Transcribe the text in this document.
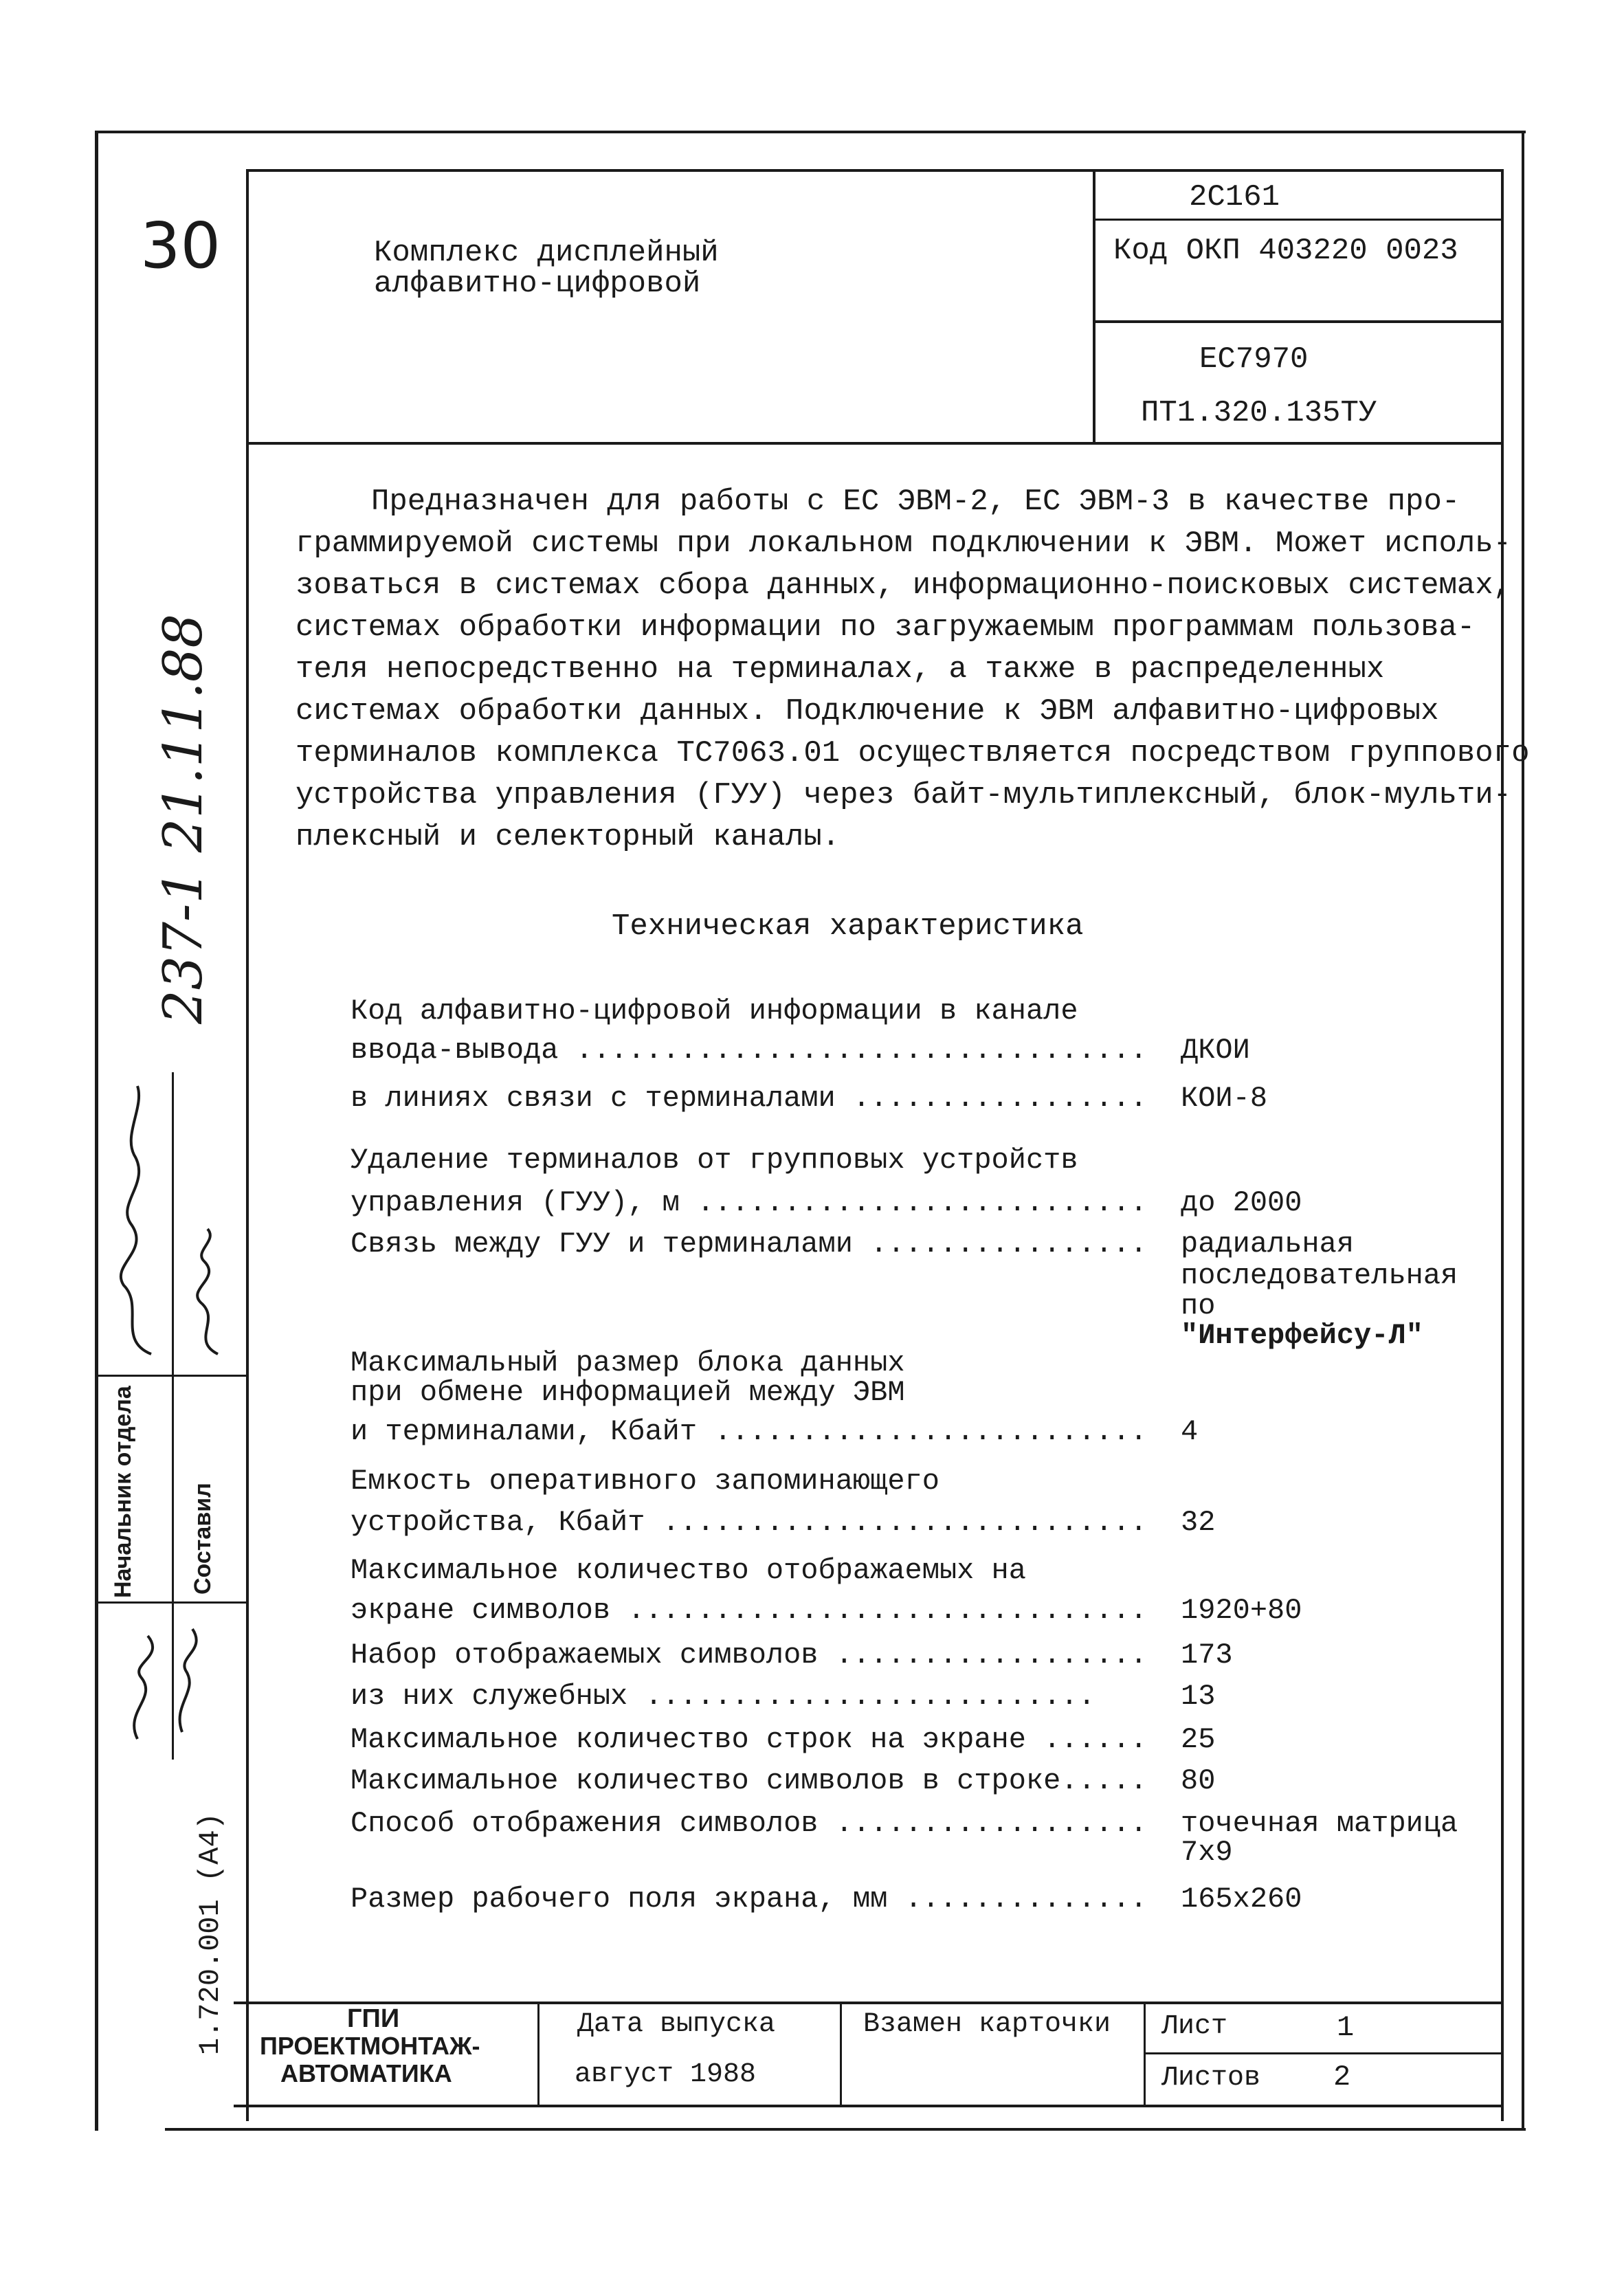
30	Комплекс дисплейный
алфавитно-цифровой
2С161
Код ОКП 403220 0023
ЕС7970
ПТ1.320.135ТУ
Предназначен для работы с ЕС ЭВМ-2, ЕС ЭВМ-3 в качестве про-
граммируемой системы при локальном подключении к ЭВМ. Может исполь-
зоваться в системах сбора данных, информационно-поисковых системах,
системах обработки информации по загружаемым программам пользова-
теля непосредственно на терминалах, а также в распределенных
системах обработки данных. Подключение к ЭВМ алфавитно-цифровых
терминалов комплекса ТС7063.01 осуществляется посредством группового
устройства управления (ГУУ) через байт-мультиплексный, блок-мульти-
плексный и селекторный каналы.
Техническая характеристика
Код алфавитно-цифровой информации в канале
ввода-вывода ................................. ДКОИ
в линиях связи с терминалами ................. КОИ-8
Удаление терминалов от групповых устройств
управления (ГУУ), м .......................... до 2000
Связь между ГУУ и терминалами ................ радиальная
последовательная
по
"Интерфейсу-Л"
Максимальный размер блока данных
при обмене информацией между ЭВМ
и терминалами, Кбайт ......................... 4
Емкость оперативного запоминающего
устройства, Кбайт ............................ 32
Максимальное количество отображаемых на
экране символов .............................. 1920+80
Набор отображаемых символов .................. 173
из них служебных ..........................	13
Максимальное количество строк на экране ...... 25
Максимальное количество символов в строке..... 80
Способ отображения символов .................. точечная матрица
7х9
Размер рабочего поля экрана, мм .............. 165х260
ГПИ
ПРОЕКТМОНТАЖ-
АВТОМАТИКА
Дата выпуска
август 1988
Взамен карточки Лист	1
Листов	2
237-1 21.11.88
Начальник отдела Составил
1.720.001 (А4)
